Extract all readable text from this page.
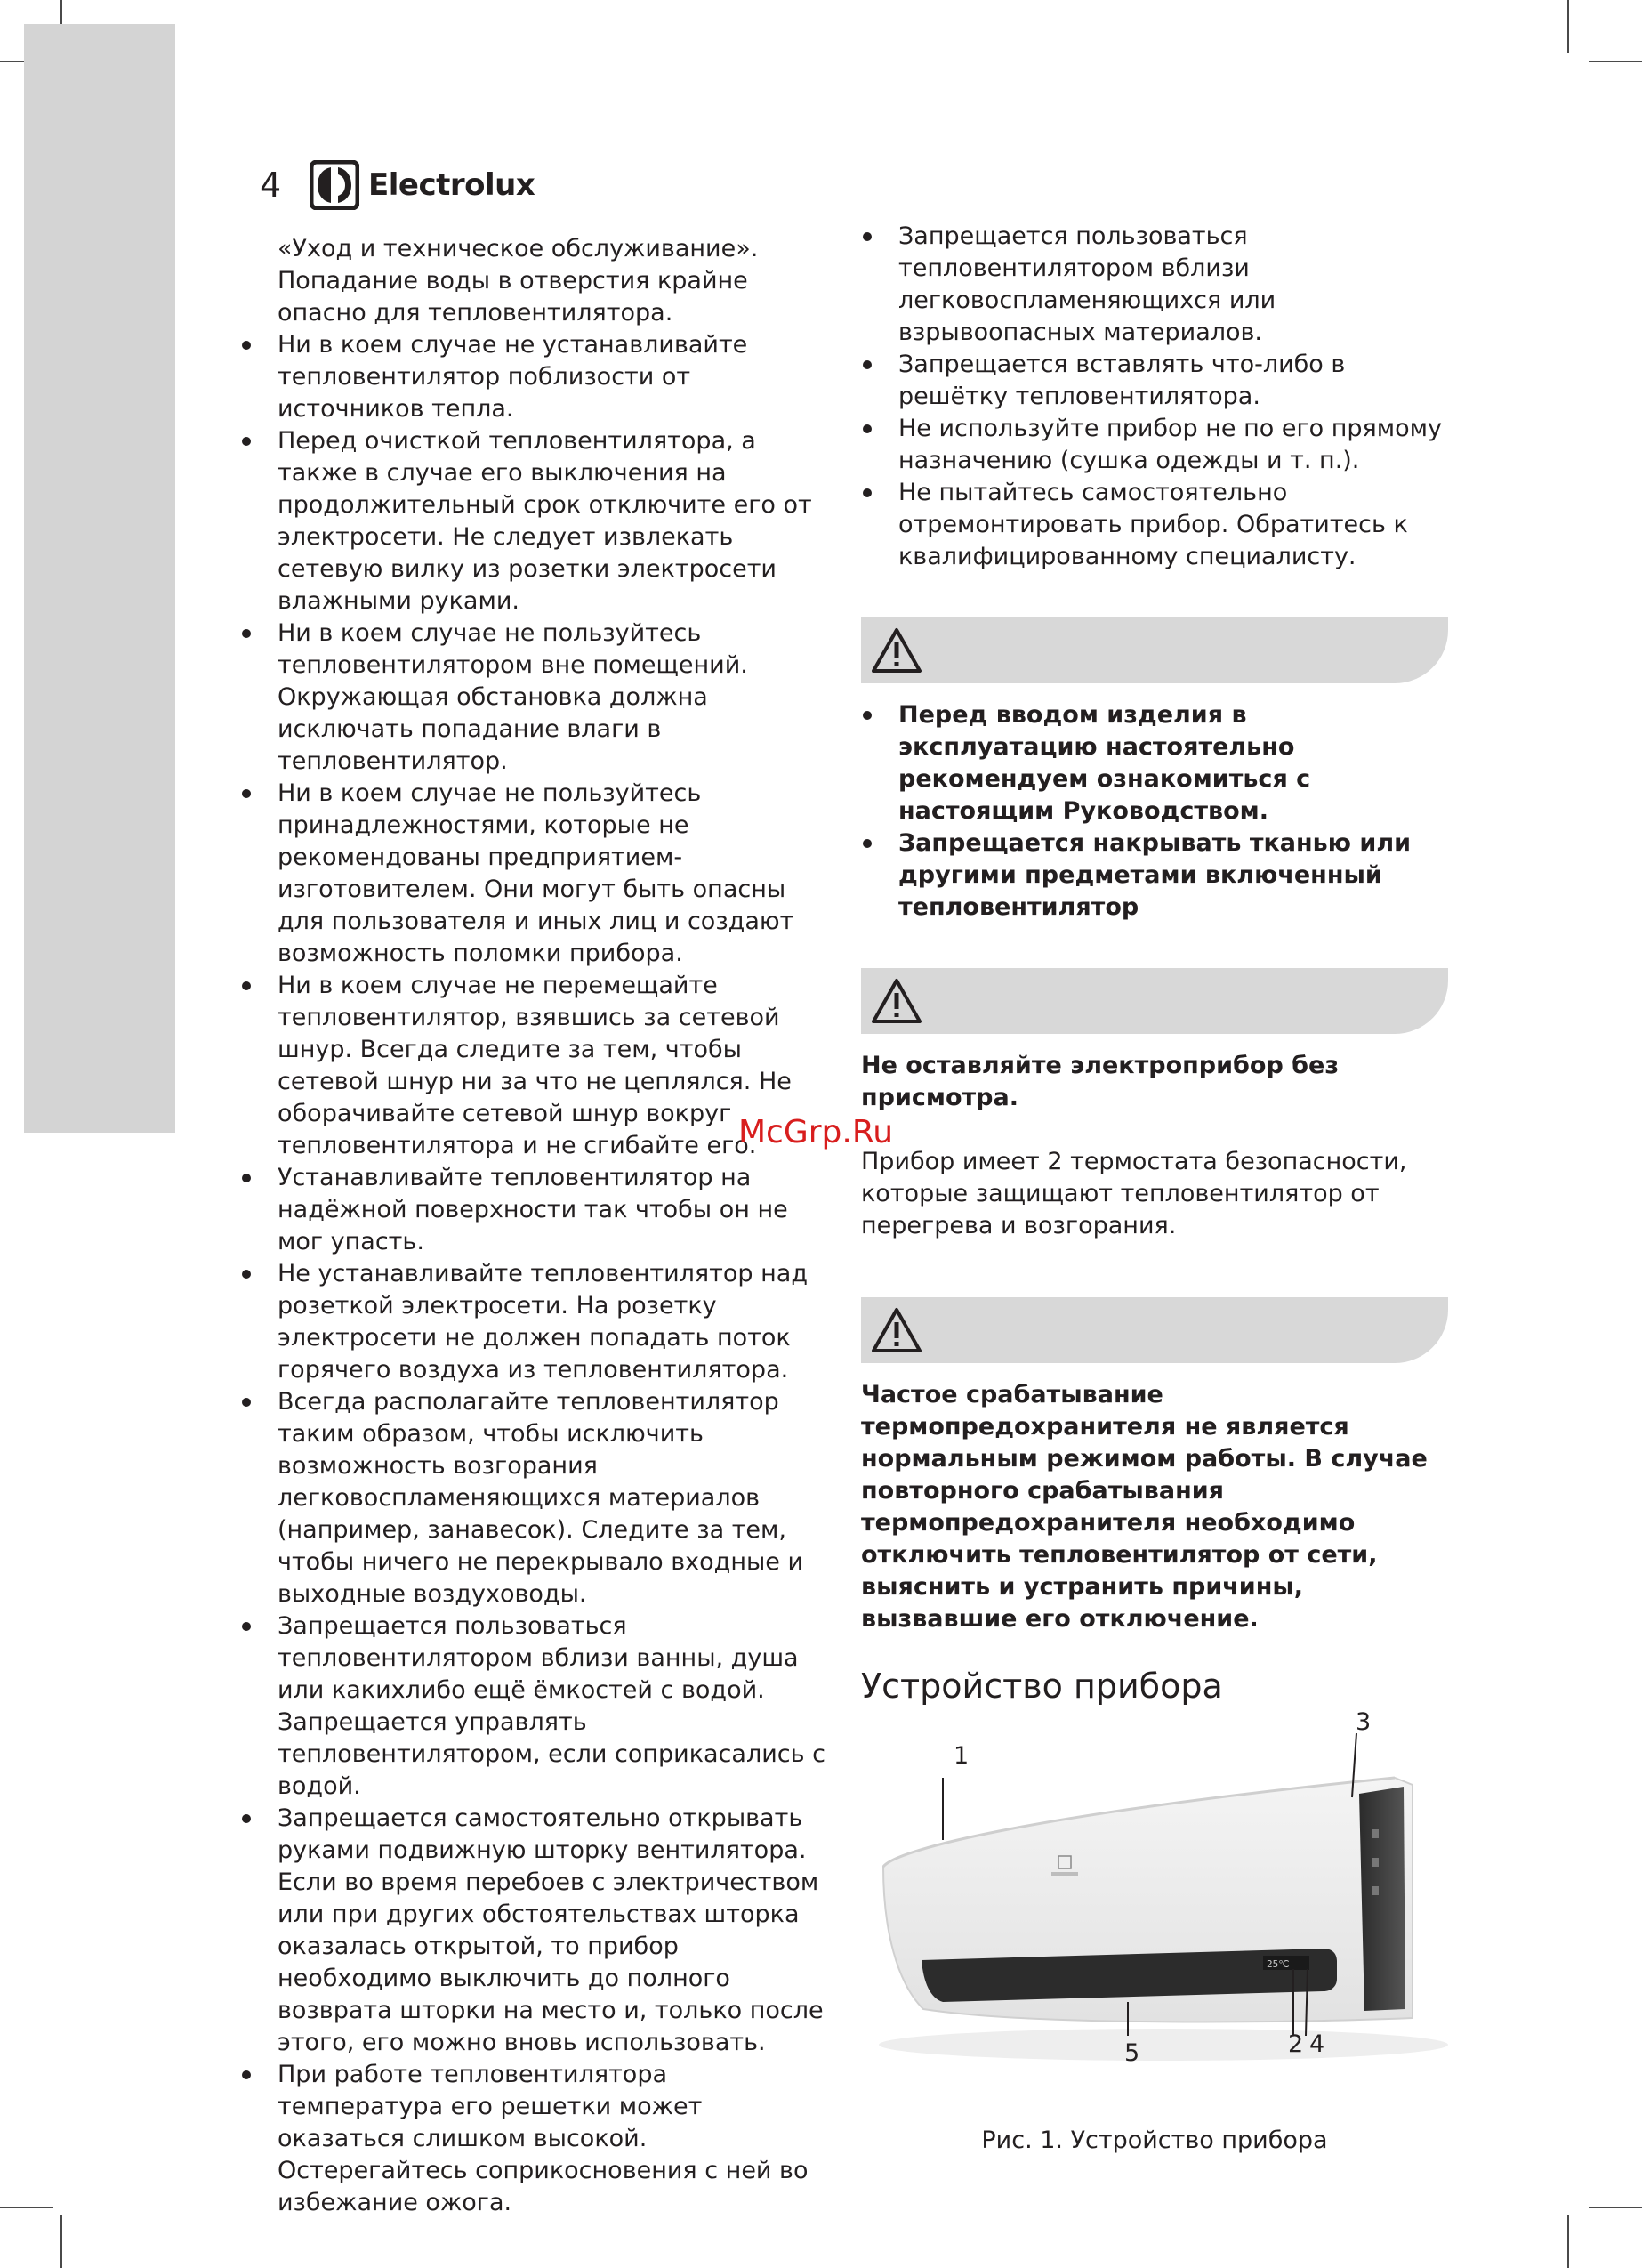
4	Electrolux
«Уход и техническое обслуживание». Попадание воды в отверстия крайне опасно для тепловентилятора.
Ни в коем случае не устанавливайте тепловентилятор поблизости от источников тепла.
Перед очисткой тепловентилятора, а также в случае его выключения на продолжительный срок отключите его от электросети. Не следует извлекать сетевую вилку из розетки электросети влажными руками.
Ни в коем случае не пользуйтесь тепловентилятором вне помещений. Окружающая обстановка должна исключать попадание влаги в тепловентилятор.
Ни в коем случае не пользуйтесь принадлежностями, которые не рекомендованы предприятием-изготовителем. Они могут быть опасны для пользователя и иных лиц и создают возможность поломки прибора.
Ни в коем случае не перемещайте тепловентилятор, взявшись за сетевой шнур. Всегда следите за тем, чтобы сетевой шнур ни за что не цеплялся. Не оборачивайте сетевой шнур вокруг тепловентилятора и не сгибайте его.
Устанавливайте тепловентилятор на надёжной поверхности так чтобы он не мог упасть.
Не устанавливайте тепловентилятор над розеткой электросети. На розетку электросети не должен попадать поток горячего воздуха из тепловентилятора.
Всегда располагайте тепловентилятор таким образом, чтобы исключить возможность возгорания легковоспламеняющихся материалов (например, занавесок). Следите за тем, чтобы ничего не перекрывало входные и выходные воздуховоды.
Запрещается пользоваться тепловентилятором вблизи ванны, душа или какихлибо ещё ёмкостей с водой. Запрещается управлять тепловентилятором, если соприкасались с водой.
Запрещается самостоятельно открывать руками подвижную шторку вентилятора. Если во время перебоев с электричеством или при других обстоятельствах шторка оказалась открытой, то прибор необходимо выключить до полного возврата шторки на место и, только после этого, его можно вновь использовать.
При работе тепловентилятора температура его решетки может оказаться слишком высокой. Остерегайтесь соприкосновения с ней во избежание ожога.
Запрещается пользоваться тепловентилятором вблизи легковоспламеняющихся или взрывоопасных материалов.
Запрещается вставлять что-либо в решётку тепловентилятора.
Не используйте прибор не по его прямому назначению (сушка одежды и т. п.).
Не пытайтесь самостоятельно отремонтировать прибор. Обратитесь к квалифицированному специалисту.
Перед вводом изделия в эксплуатацию настоятельно рекомендуем ознакомиться с настоящим Руководством.
Запрещается накрывать тканью или другими предметами включенный тепловентилятор
Не оставляйте электроприбор без присмотра.
Прибор имеет 2 термостата безопасности, которые защищают тепловентилятор от перегрева и возгорания.
Частое срабатывание термопредохранителя не является нормальным режимом работы. В случае повторного срабатывания термопредохранителя необходимо отключить тепловентилятор от сети, выяснить и устранить причины, вызвавшие его отключение.
Устройство прибора
25℃
1
3
5	2 4
Рис. 1. Устройство прибора
McGrp.Ru
